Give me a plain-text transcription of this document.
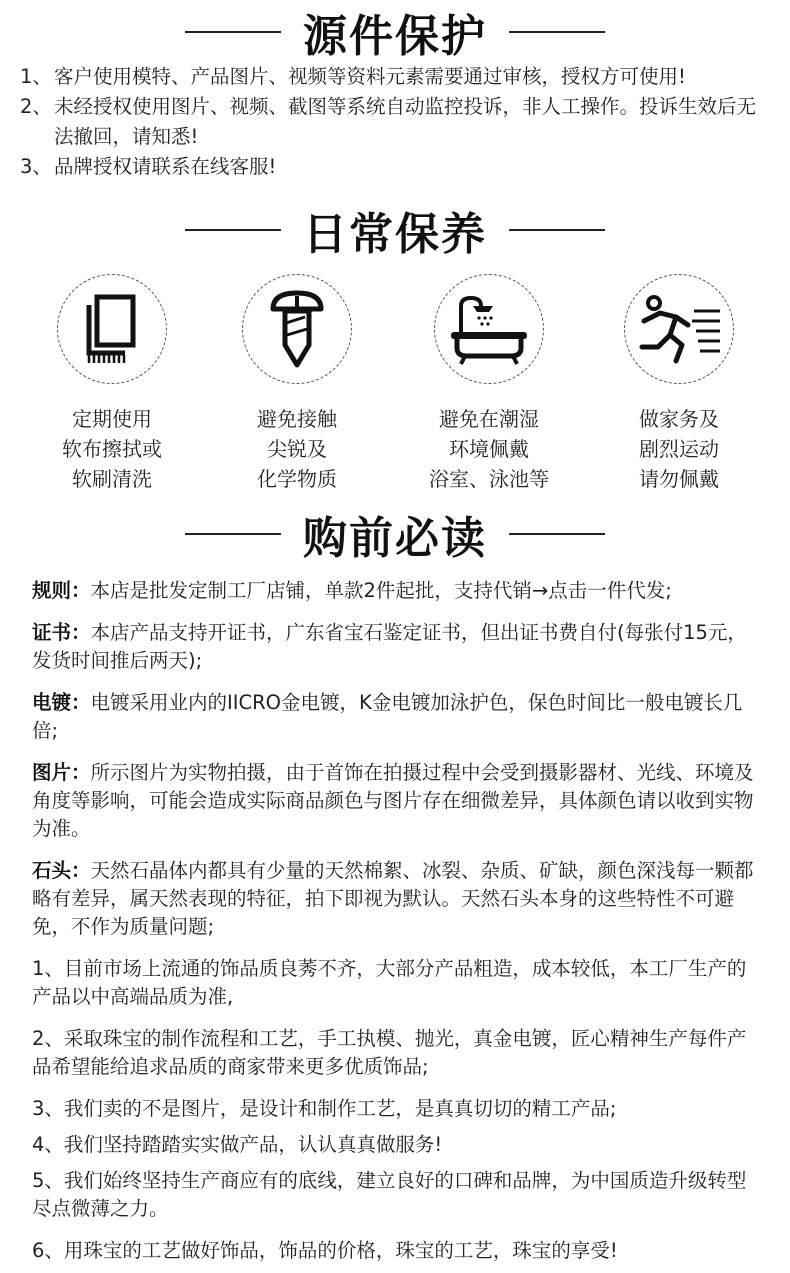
源件保护
1、 客户使用模特、产品图片、视频等资料元素需要通过审核，授权方可使用!
2、 未经授权使用图片、视频、截图等系统自动监控投诉，非人工操作。投诉生效后无法撤回，请知悉!
3、 品牌授权请联系在线客服!
日常保养
定期使用
软布擦拭或
软刷清洗
避免接触
尖锐及
化学物质
避免在潮湿
环境佩戴
浴室、泳池等
做家务及
剧烈运动
请勿佩戴
购前必读
规则：本店是批发定制工厂店铺，单款2件起批，支持代销→点击一件代发;
证书：本店产品支持开证书，广东省宝石鉴定证书，但出证书费自付(每张付15元，发货时间推后两天);
电镀：电镀采用业内的IICRO金电镀，K金电镀加泳护色，保色时间比一般电镀长几倍;
图片：所示图片为实物拍摄，由于首饰在拍摄过程中会受到摄影器材、光线、环境及角度等影响，可能会造成实际商品颜色与图片存在细微差异，具体颜色请以收到实物为准。
石头：天然石晶体内都具有少量的天然棉絮、冰裂、杂质、矿缺，颜色深浅每一颗都略有差异，属天然表现的特征，拍下即视为默认。天然石头本身的这些特性不可避免，不作为质量问题;
1、目前市场上流通的饰品质良莠不齐，大部分产品粗造，成本较低，本工厂生产的产品以中高端品质为准,
2、采取珠宝的制作流程和工艺，手工执模、抛光，真金电镀，匠心精神生产每件产品希望能给追求品质的商家带来更多优质饰品;
3、我们卖的不是图片，是设计和制作工艺，是真真切切的精工产品;
4、我们坚持踏踏实实做产品，认认真真做服务!
5、我们始终坚持生产商应有的底线，建立良好的口碑和品牌，为中国质造升级转型尽点微薄之力。
6、用珠宝的工艺做好饰品，饰品的价格，珠宝的工艺，珠宝的享受!
